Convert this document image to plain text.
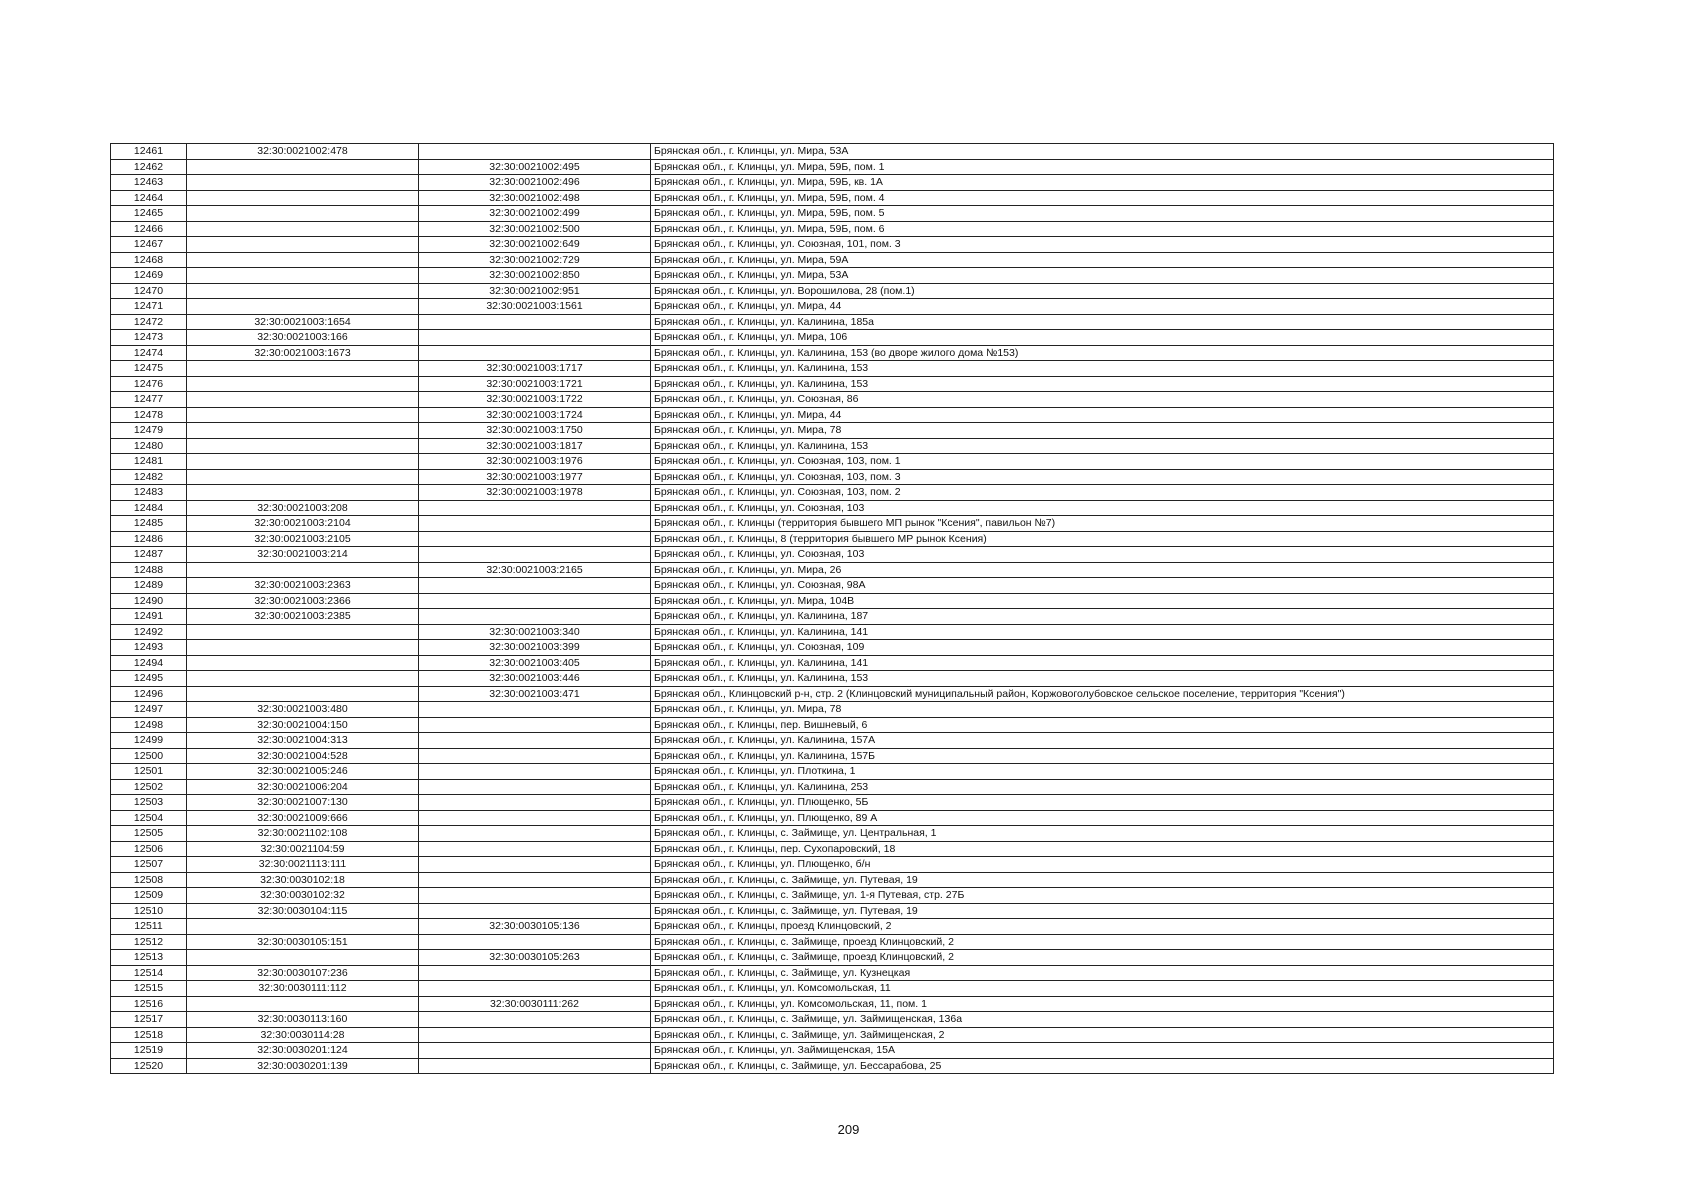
12461	32:30:0021002:478		Брянская обл., г. Клинцы, ул. Мира, 53А
12462		32:30:0021002:495	Брянская обл., г. Клинцы, ул. Мира, 59Б, пом. 1
12463		32:30:0021002:496	Брянская обл., г. Клинцы, ул. Мира, 59Б, кв. 1А
12464		32:30:0021002:498	Брянская обл., г. Клинцы, ул. Мира, 59Б, пом. 4
12465		32:30:0021002:499	Брянская обл., г. Клинцы, ул. Мира, 59Б, пом. 5
12466		32:30:0021002:500	Брянская обл., г. Клинцы, ул. Мира, 59Б, пом. 6
12467		32:30:0021002:649	Брянская обл., г. Клинцы, ул. Союзная, 101, пом. 3
12468		32:30:0021002:729	Брянская обл., г. Клинцы, ул. Мира, 59А
12469		32:30:0021002:850	Брянская обл., г. Клинцы, ул. Мира, 53А
12470		32:30:0021002:951	Брянская обл., г. Клинцы, ул. Ворошилова, 28 (пом.1)
12471		32:30:0021003:1561	Брянская обл., г. Клинцы, ул. Мира, 44
12472	32:30:0021003:1654		Брянская обл., г. Клинцы, ул. Калинина, 185а
12473	32:30:0021003:166		Брянская обл., г. Клинцы, ул. Мира, 106
12474	32:30:0021003:1673		Брянская обл., г. Клинцы, ул. Калинина, 153 (во дворе жилого дома №153)
12475		32:30:0021003:1717	Брянская обл., г. Клинцы, ул. Калинина, 153
12476		32:30:0021003:1721	Брянская обл., г. Клинцы, ул. Калинина, 153
12477		32:30:0021003:1722	Брянская обл., г. Клинцы, ул. Союзная, 86
12478		32:30:0021003:1724	Брянская обл., г. Клинцы, ул. Мира, 44
12479		32:30:0021003:1750	Брянская обл., г. Клинцы, ул. Мира, 78
12480		32:30:0021003:1817	Брянская обл., г. Клинцы, ул. Калинина, 153
12481		32:30:0021003:1976	Брянская обл., г. Клинцы, ул. Союзная, 103, пом. 1
12482		32:30:0021003:1977	Брянская обл., г. Клинцы, ул. Союзная, 103, пом. 3
12483		32:30:0021003:1978	Брянская обл., г. Клинцы, ул. Союзная, 103, пом. 2
12484	32:30:0021003:208		Брянская обл., г. Клинцы, ул. Союзная, 103
12485	32:30:0021003:2104		Брянская обл., г. Клинцы (территория бывшего МП рынок "Ксения", павильон №7)
12486	32:30:0021003:2105		Брянская обл., г. Клинцы, 8 (территория бывшего МР рынок Ксения)
12487	32:30:0021003:214		Брянская обл., г. Клинцы, ул. Союзная, 103
12488		32:30:0021003:2165	Брянская обл., г. Клинцы, ул. Мира, 26
12489	32:30:0021003:2363		Брянская обл., г. Клинцы, ул. Союзная, 98А
12490	32:30:0021003:2366		Брянская обл., г. Клинцы, ул. Мира, 104В
12491	32:30:0021003:2385		Брянская обл., г. Клинцы, ул. Калинина, 187
12492		32:30:0021003:340	Брянская обл., г. Клинцы, ул. Калинина, 141
12493		32:30:0021003:399	Брянская обл., г. Клинцы, ул. Союзная, 109
12494		32:30:0021003:405	Брянская обл., г. Клинцы, ул. Калинина, 141
12495		32:30:0021003:446	Брянская обл., г. Клинцы, ул. Калинина, 153
12496		32:30:0021003:471	Брянская обл., Клинцовский р-н, стр. 2 (Клинцовский муниципальный район, Коржовоголубовское сельское поселение, территория "Ксения")
12497	32:30:0021003:480		Брянская обл., г. Клинцы, ул. Мира, 78
12498	32:30:0021004:150		Брянская обл., г. Клинцы, пер. Вишневый, 6
12499	32:30:0021004:313		Брянская обл., г. Клинцы, ул. Калинина, 157А
12500	32:30:0021004:528		Брянская обл., г. Клинцы, ул. Калинина, 157Б
12501	32:30:0021005:246		Брянская обл., г. Клинцы, ул. Плоткина, 1
12502	32:30:0021006:204		Брянская обл., г. Клинцы, ул. Калинина, 253
12503	32:30:0021007:130		Брянская обл., г. Клинцы, ул. Плющенко, 5Б
12504	32:30:0021009:666		Брянская обл., г. Клинцы, ул. Плющенко, 89 А
12505	32:30:0021102:108		Брянская обл., г. Клинцы, с. Займище, ул. Центральная, 1
12506	32:30:0021104:59		Брянская обл., г. Клинцы, пер. Сухопаровский, 18
12507	32:30:0021113:111		Брянская обл., г. Клинцы, ул. Плющенко, б/н
12508	32:30:0030102:18		Брянская обл., г. Клинцы, с. Займище, ул. Путевая, 19
12509	32:30:0030102:32		Брянская обл., г. Клинцы, с. Займище, ул. 1-я Путевая, стр. 27Б
12510	32:30:0030104:115		Брянская обл., г. Клинцы, с. Займище, ул. Путевая, 19
12511		32:30:0030105:136	Брянская обл., г. Клинцы, проезд Клинцовский, 2
12512	32:30:0030105:151		Брянская обл., г. Клинцы, с. Займище, проезд Клинцовский, 2
12513		32:30:0030105:263	Брянская обл., г. Клинцы, с. Займище, проезд Клинцовский, 2
12514	32:30:0030107:236		Брянская обл., г. Клинцы, с. Займище, ул. Кузнецкая
12515	32:30:0030111:112		Брянская обл., г. Клинцы, ул. Комсомольская, 11
12516		32:30:0030111:262	Брянская обл., г. Клинцы, ул. Комсомольская, 11, пом. 1
12517	32:30:0030113:160		Брянская обл., г. Клинцы, с. Займище, ул. Займищенская, 136а
12518	32:30:0030114:28		Брянская обл., г. Клинцы, с. Займище, ул. Займищенская, 2
12519	32:30:0030201:124		Брянская обл., г. Клинцы, ул. Займищенская, 15А
12520	32:30:0030201:139		Брянская обл., г. Клинцы, с. Займище, ул. Бессарабова, 25
209
